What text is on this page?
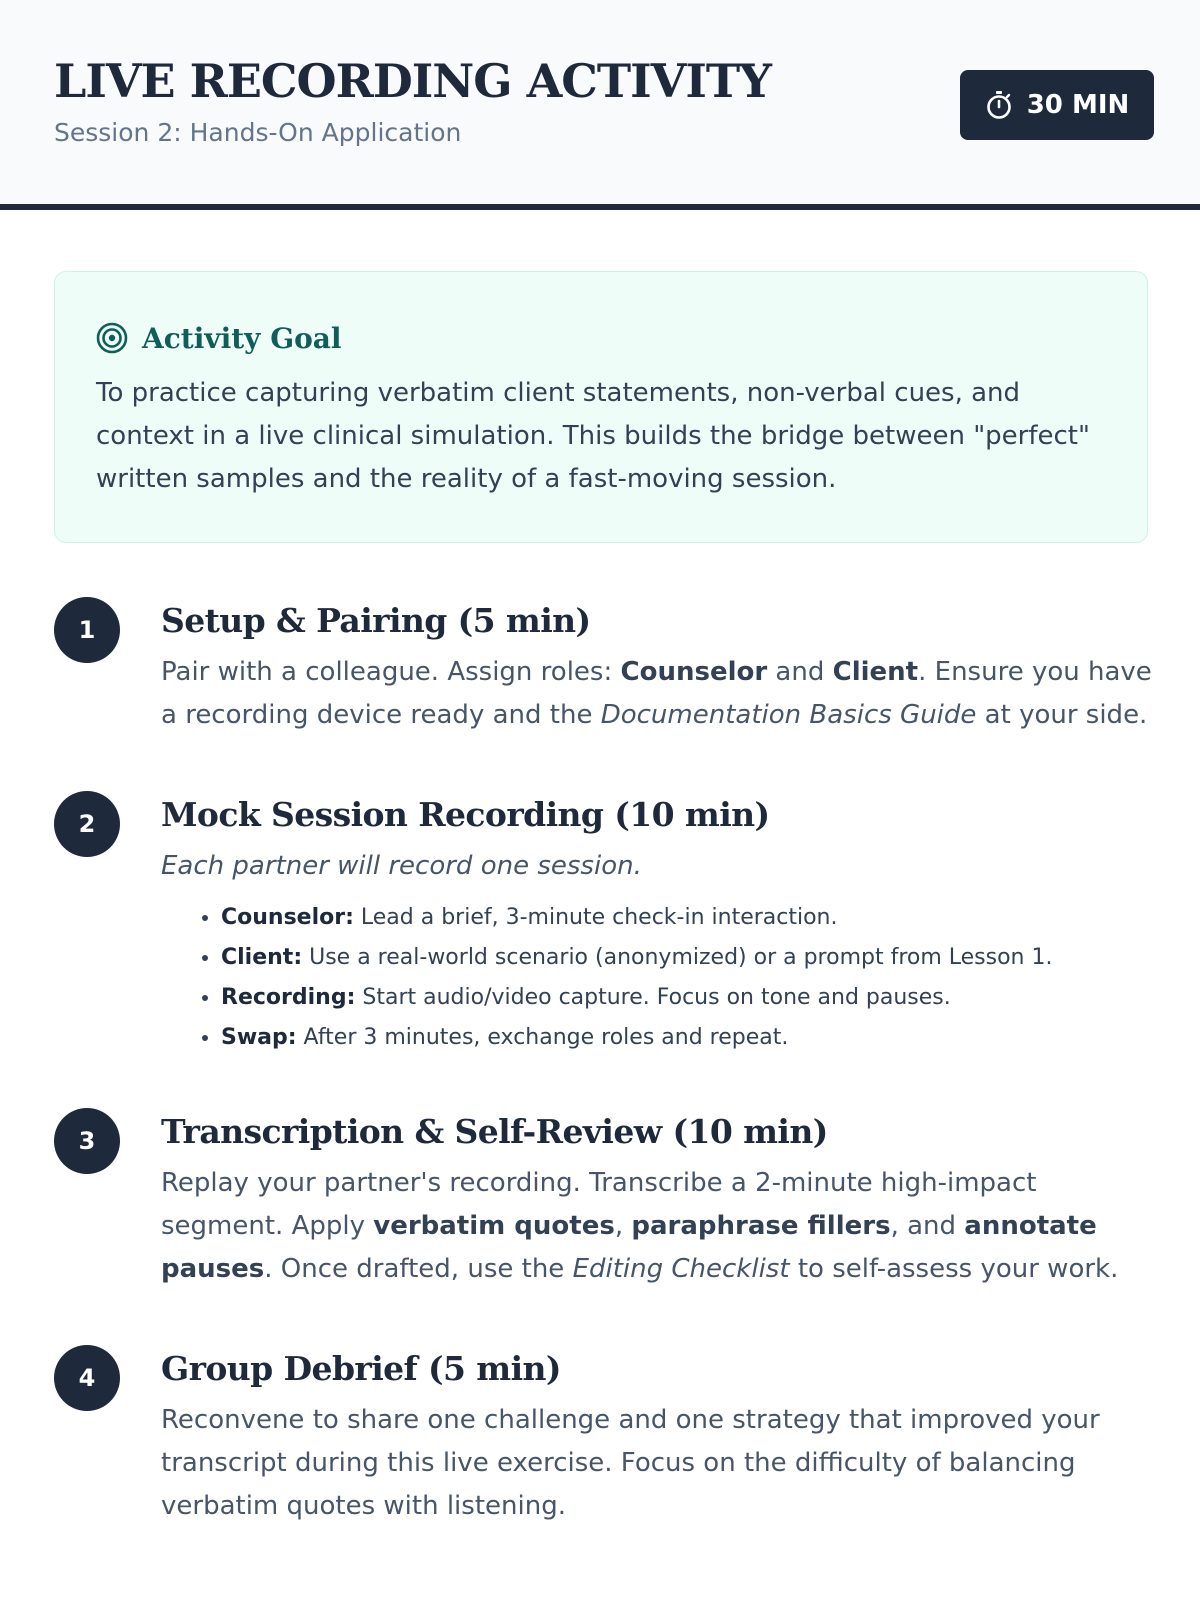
LIVE RECORDING ACTIVITY
Session 2: Hands-On Application
30 MIN
Activity Goal
To practice capturing verbatim client statements, non-verbal cues, and context in a live clinical simulation. This builds the bridge between "perfect" written samples and the reality of a fast-moving session.
1	Setup & Pairing (5 min)
Pair with a colleague. Assign roles: Counselor and Client. Ensure you have a recording device ready and the Documentation Basics Guide at your side.
2	Mock Session Recording (10 min)
Each partner will record one session.
• Counselor: Lead a brief, 3-minute check-in interaction.
• Client: Use a real-world scenario (anonymized) or a prompt from Lesson 1.
• Recording: Start audio/video capture. Focus on tone and pauses.
• Swap: After 3 minutes, exchange roles and repeat.
3	Transcription & Self-Review (10 min)
Replay your partner's recording. Transcribe a 2-minute high-impact segment. Apply verbatim quotes, paraphrase fillers, and annotate pauses. Once drafted, use the Editing Checklist to self-assess your work.
4	Group Debrief (5 min)
Reconvene to share one challenge and one strategy that improved your transcript during this live exercise. Focus on the difficulty of balancing verbatim quotes with listening.
